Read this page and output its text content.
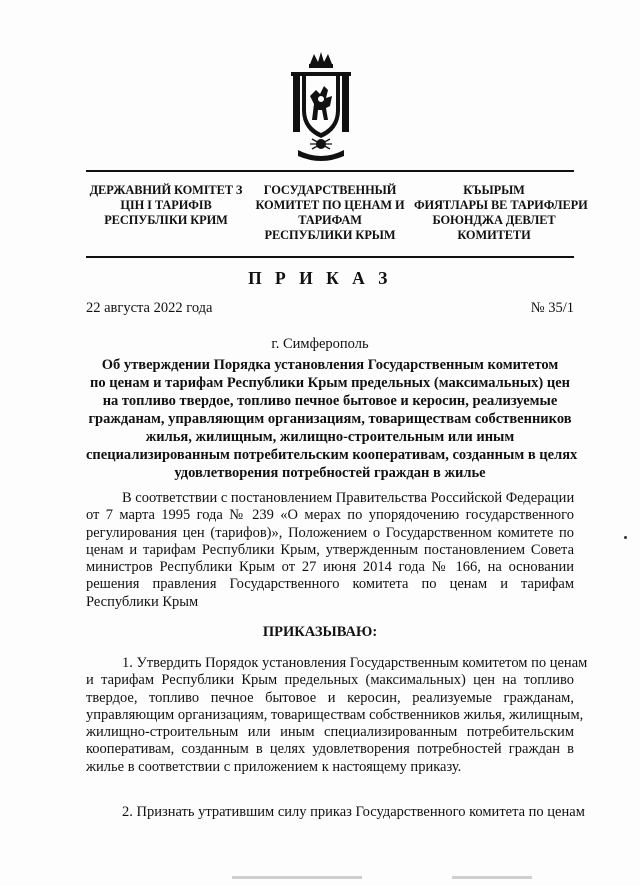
ДЕРЖАВНИЙ КОМІТЕТ З
ЦІН І ТАРИФІВ
РЕСПУБЛІКИ КРИМ
ГОСУДАРСТВЕННЫЙ
КОМИТЕТ ПО ЦЕНАМ И
ТАРИФАМ
РЕСПУБЛИКИ КРЫМ
КЪЫРЫМ
ФИЯТЛАРЫ ВЕ ТАРИФЛЕРИ
БОЮНДЖА ДЕВЛЕТ
КОМИТЕТИ
П Р И К А З
22 августа 2022 года	№ 35/1
г. Симферополь
Об утверждении Порядка установления Государственным комитетом
по ценам и тарифам Республики Крым предельных (максимальных) цен
на топливо твердое, топливо печное бытовое и керосин, реализуемые
гражданам, управляющим организациям, товариществам собственников
жилья, жилищным, жилищно-строительным или иным
специализированным потребительским кооперативам, созданным в целях
удовлетворения потребностей граждан в жилье
В соответствии с постановлением Правительства Российской Федерации
от 7 марта 1995 года № 239 «О мерах по упорядочению государственного
регулирования цен (тарифов)», Положением о Государственном комитете по
ценам и тарифам Республики Крым, утвержденным постановлением Совета
министров Республики Крым от 27 июня 2014 года № 166, на основании
решения правления Государственного комитета по ценам и тарифам
Республики Крым
ПРИКАЗЫВАЮ:
1. Утвердить Порядок установления Государственным комитетом по ценам
и тарифам Республики Крым предельных (максимальных) цен на топливо
твердое, топливо печное бытовое и керосин, реализуемые гражданам,
управляющим организациям, товариществам собственников жилья, жилищным,
жилищно-строительным или иным специализированным потребительским
кооперативам, созданным в целях удовлетворения потребностей граждан в
жилье в соответствии с приложением к настоящему приказу.
2. Признать утратившим силу приказ Государственного комитета по ценам
